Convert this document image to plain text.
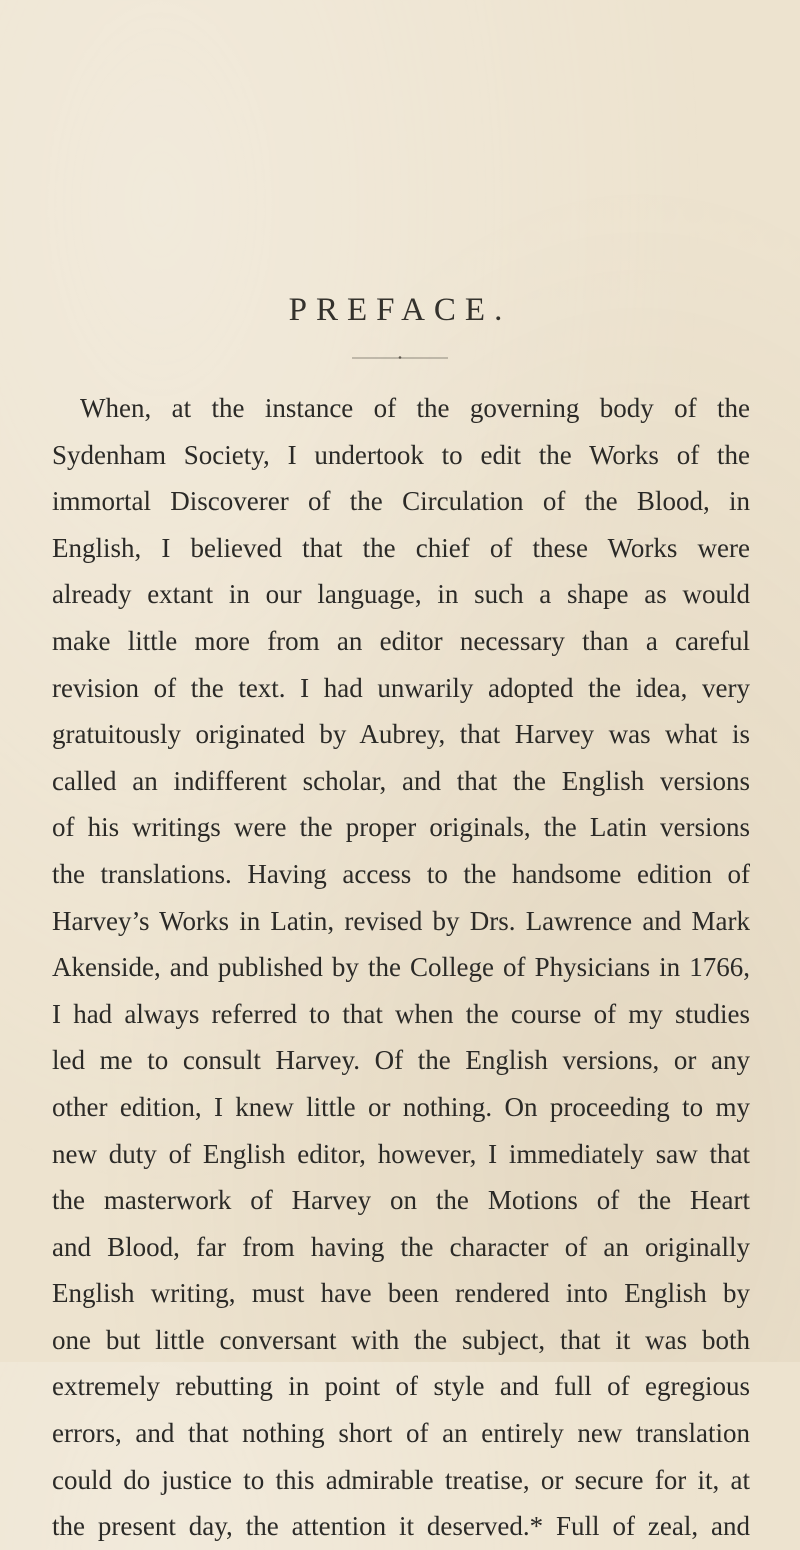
PREFACE.
When, at the instance of the governing body of the
Sydenham Society, I undertook to edit the Works of the
immortal Discoverer of the Circulation of the Blood, in
English, I believed that the chief of these Works were
already extant in our language, in such a shape as would
make little more from an editor necessary than a careful
revision of the text. I had unwarily adopted the idea, very
gratuitously originated by Aubrey, that Harvey was what is
called an indifferent scholar, and that the English versions
of his writings were the proper originals, the Latin versions
the translations. Having access to the handsome edition of
Harvey’s Works in Latin, revised by Drs. Lawrence and Mark
Akenside, and published by the College of Physicians in 1766,
I had always referred to that when the course of my studies
led me to consult Harvey. Of the English versions, or any
other edition, I knew little or nothing. On proceeding to my
new duty of English editor, however, I immediately saw that
the masterwork of Harvey on the Motions of the Heart
and Blood, far from having the character of an originally
English writing, must have been rendered into English by
one but little conversant with the subject, that it was both
extremely rebutting in point of style and full of egregious
errors, and that nothing short of an entirely new translation
could do justice to this admirable treatise, or secure for it, at
the present day, the attention it deserved.* Full of zeal, and
